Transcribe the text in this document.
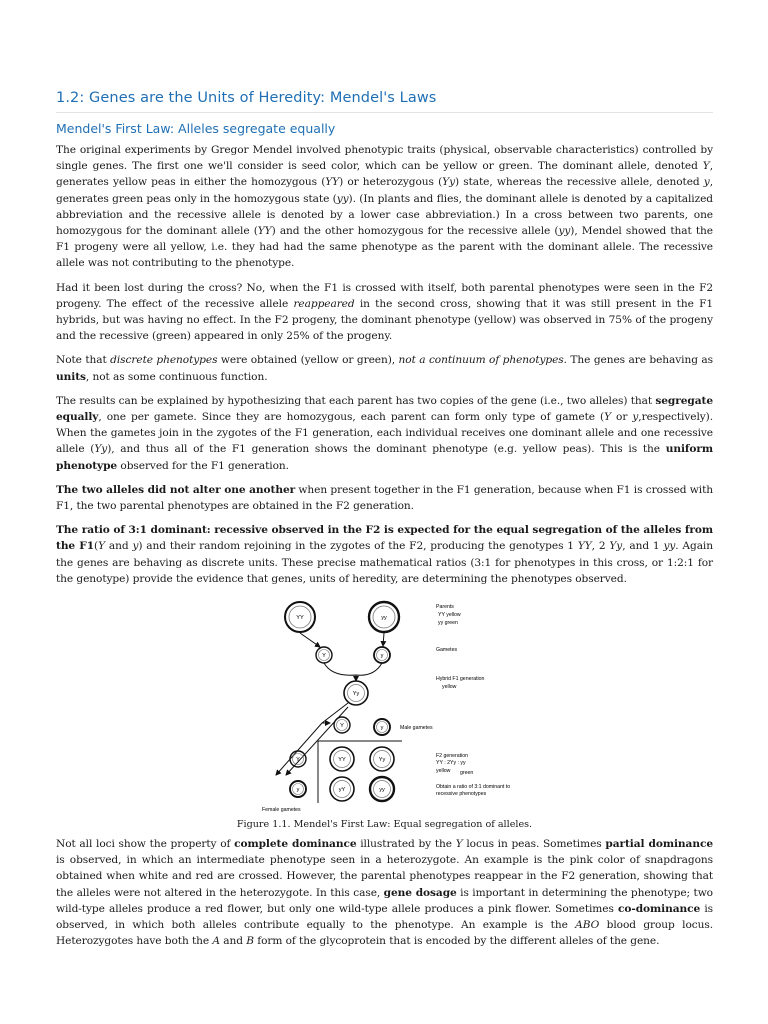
1.2: Genes are the Units of Heredity: Mendel's Laws
Mendel's First Law: Alleles segregate equally

The original experiments by Gregor Mendel involved phenotypic traits (physical, observable characteristics) controlled by single genes. The first one we'll consider is seed color, which can be yellow or green. The dominant allele, denoted Y, generates yellow peas in either the homozygous (YY) or heterozygous (Yy) state, whereas the recessive allele, denoted y, generates green peas only in the homozygous state (yy). (In plants and flies, the dominant allele is denoted by a capitalized abbreviation and the recessive allele is denoted by a lower case abbreviation.) In a cross between two parents, one homozygous for the dominant allele (YY) and the other homozygous for the recessive allele (yy), Mendel showed that the F1 progeny were all yellow, i.e. they had had the same phenotype as the parent with the dominant allele. The recessive allele was not contributing to the phenotype.

Had it been lost during the cross? No, when the F1 is crossed with itself, both parental phenotypes were seen in the F2 progeny. The effect of the recessive allele reappeared in the second cross, showing that it was still present in the F1 hybrids, but was having no effect. In the F2 progeny, the dominant phenotype (yellow) was observed in 75% of the progeny and the recessive (green) appeared in only 25% of the progeny.

Note that discrete phenotypes were obtained (yellow or green), not a continuum of phenotypes. The genes are behaving as units, not as some continuous function.

The results can be explained by hypothesizing that each parent has two copies of the gene (i.e., two alleles) that segregate equally, one per gamete. Since they are homozygous, each parent can form only type of gamete (Y or y,respectively). When the gametes join in the zygotes of the F1 generation, each individual receives one dominant allele and one recessive allele (Yy), and thus all of the F1 generation shows the dominant phenotype (e.g. yellow peas). This is the uniform phenotype observed for the F1 generation.

The two alleles did not alter one another when present together in the F1 generation, because when F1 is crossed with F1, the two parental phenotypes are obtained in the F2 generation.

The ratio of 3:1 dominant: recessive observed in the F2 is expected for the equal segregation of the alleles from the F1(Y and y) and their random rejoining in the zygotes of the F2, producing the genotypes 1 YY, 2 Yy, and 1 yy. Again the genes are behaving as discrete units. These precise mathematical ratios (3:1 for phenotypes in this cross, or 1:2:1 for the genotype) provide the evidence that genes, units of heredity, are determining the phenotypes observed.

YY	yy
Y	y
Yy
Y	y
Y
y
YY	Yy
yY	yy
Parents
YY yellow
yy green
Gametes
Hybrid F1 generation
yellow
Male gametes
F2 generation
YY : 2Yy : yy
yellow green
Obtain a ratio of 3:1 dominant to
recessive phenotypes
Female gametes
Figure 1.1. Mendel's First Law: Equal segregation of alleles.

Not all loci show the property of complete dominance illustrated by the Y locus in peas. Sometimes partial dominance is observed, in which an intermediate phenotype seen in a heterozygote. An example is the pink color of snapdragons obtained when white and red are crossed. However, the parental phenotypes reappear in the F2 generation, showing that the alleles were not altered in the heterozygote. In this case, gene dosage is important in determining the phenotype; two wild-type alleles produce a red flower, but only one wild-type allele produces a pink flower. Sometimes co-dominance is observed, in which both alleles contribute equally to the phenotype. An example is the ABO blood group locus. Heterozygotes have both the A and B form of the glycoprotein that is encoded by the different alleles of the gene.
